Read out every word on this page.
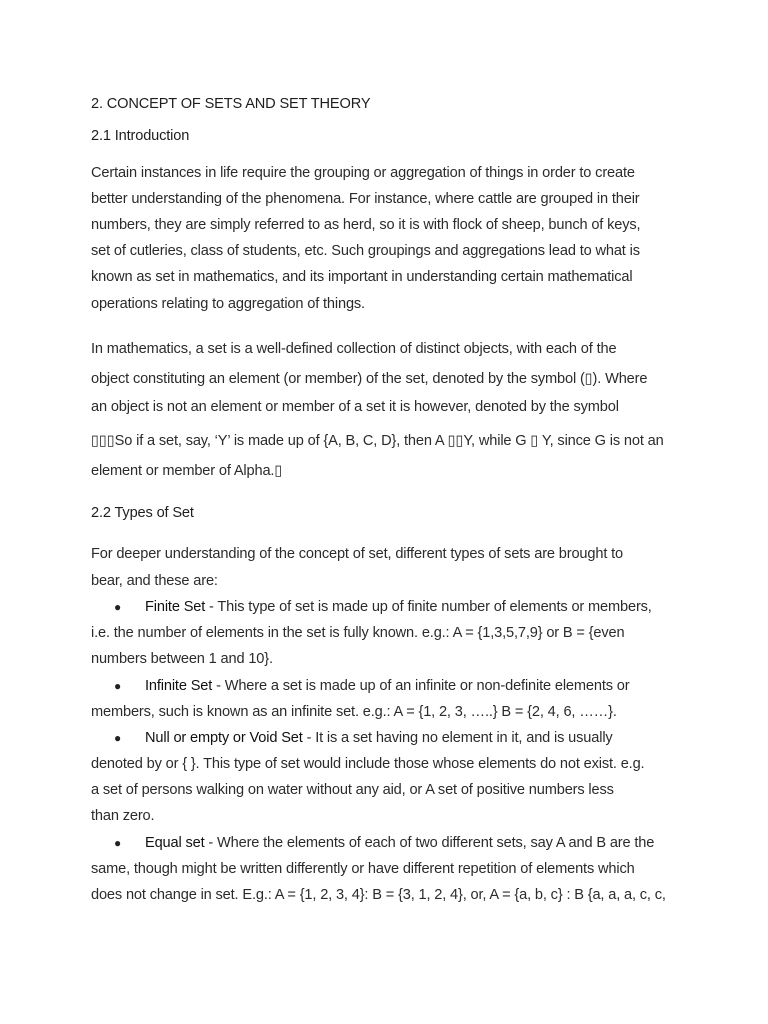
2. CONCEPT OF SETS AND SET THEORY
2.1 Introduction
Certain instances in life require the grouping or aggregation of things in order to create
better understanding of the phenomena. For instance, where cattle are grouped in their
numbers, they are simply referred to as herd, so it is with flock of sheep, bunch of keys,
set of cutleries, class of students, etc. Such groupings and aggregations lead to what is
known as set in mathematics, and its important in understanding certain mathematical
operations relating to aggregation of things.
In mathematics, a set is a well-defined collection of distinct objects, with each of the
object constituting an element (or member) of the set, denoted by the symbol (▯). Where
an object is not an element or member of a set it is however, denoted by the symbol
▯▯▯So if a set, say, ‘Y’ is made up of {A, B, C, D}, then A ▯▯Y, while G ▯ Y, since G is not an
element or member of Alpha.▯
2.2 Types of Set
For deeper understanding of the concept of set, different types of sets are brought to
bear, and these are:
● Finite Set - This type of set is made up of finite number of elements or members,
i.e. the number of elements in the set is fully known. e.g.: A = {1,3,5,7,9} or B = {even
numbers between 1 and 10}.
● Infinite Set - Where a set is made up of an infinite or non-definite elements or
members, such is known as an infinite set. e.g.: A = {1, 2, 3, …..} B = {2, 4, 6, ……}.
● Null or empty or Void Set - It is a set having no element in it, and is usually
denoted by or { }. This type of set would include those whose elements do not exist. e.g.
a set of persons walking on water without any aid, or A set of positive numbers less
than zero.
● Equal set - Where the elements of each of two different sets, say A and B are the
same, though might be written differently or have different repetition of elements which
does not change in set. E.g.: A = {1, 2, 3, 4}: B = {3, 1, 2, 4}, or, A = {a, b, c} : B {a, a, a, c, c,
